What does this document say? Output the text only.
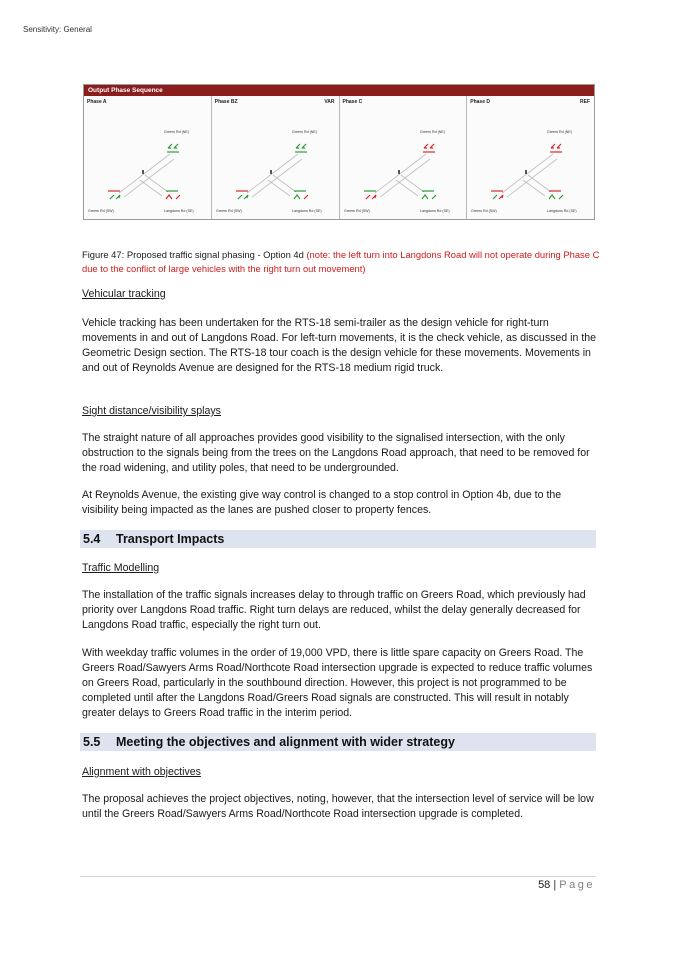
Sensitivity: General
Output Phase Sequence
Phase A
Greers Rd (NE)
Greers Rd (SW)	Langdons Rd (SE)
Phase BZ	VAR
Greers Rd (NE)
Greers Rd (SW)	Langdons Rd (SE)
Phase C
Greers Rd (NE)
Greers Rd (SW)	Langdons Rd (SE)
Phase D	REF
Greers Rd (NE)
Greers Rd (SW)	Langdons Rd (SE)
Figure 47: Proposed traffic signal phasing - Option 4d (note: the left turn into Langdons Road will not operate during Phase C due to the conflict of large vehicles with the right turn out movement)
Vehicular tracking

Vehicle tracking has been undertaken for the RTS-18 semi-trailer as the design vehicle for right-turn movements in and out of Langdons Road. For left-turn movements, it is the check vehicle, as discussed in the Geometric Design section. The RTS-18 tour coach is the design vehicle for these movements. Movements in and out of Reynolds Avenue are designed for the RTS-18 medium rigid truck.

Sight distance/visibility splays

The straight nature of all approaches provides good visibility to the signalised intersection, with the only obstruction to the signals being from the trees on the Langdons Road approach, that need to be removed for the road widening, and utility poles, that need to be undergrounded.

At Reynolds Avenue, the existing give way control is changed to a stop control in Option 4b, due to the visibility being impacted as the lanes are pushed closer to property fences.

5.4 Transport Impacts
Traffic Modelling

The installation of the traffic signals increases delay to through traffic on Greers Road, which previously had priority over Langdons Road traffic. Right turn delays are reduced, whilst the delay generally decreased for Langdons Road traffic, especially the right turn out.

With weekday traffic volumes in the order of 19,000 VPD, there is little spare capacity on Greers Road. The Greers Road/Sawyers Arms Road/Northcote Road intersection upgrade is expected to reduce traffic volumes on Greers Road, particularly in the southbound direction. However, this project is not programmed to be completed until after the Langdons Road/Greers Road signals are constructed. This will result in notably greater delays to Greers Road traffic in the interim period.

5.5 Meeting the objectives and alignment with wider strategy
Alignment with objectives

The proposal achieves the project objectives, noting, however, that the intersection level of service will be low until the Greers Road/Sawyers Arms Road/Northcote Road intersection upgrade is completed.

58 | Page
